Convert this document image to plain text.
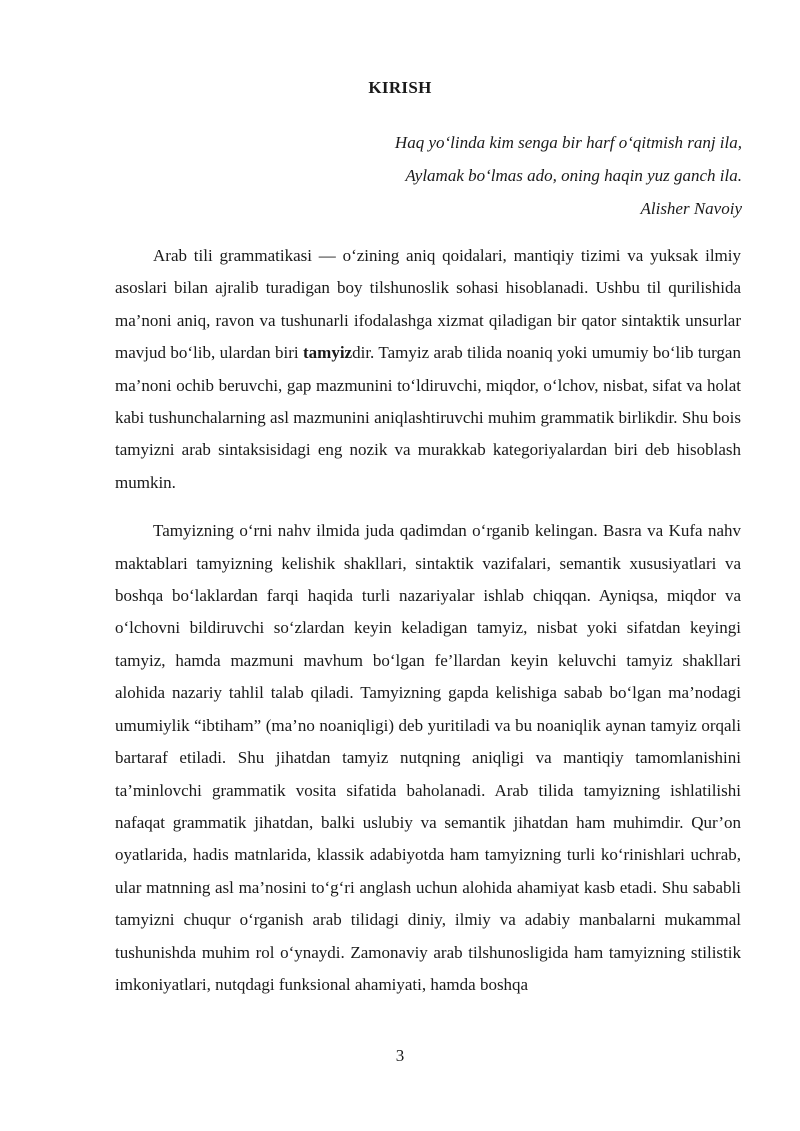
KIRISH
Haq yo‘linda kim senga bir harf o‘qitmish ranj ila,
Aylamak bo‘lmas ado, oning haqin yuz ganch ila.
Alisher Navoiy

Arab tili grammatikasi — o‘zining aniq qoidalari, mantiqiy tizimi va yuksak ilmiy asoslari bilan ajralib turadigan boy tilshunoslik sohasi hisoblanadi. Ushbu til qurilishida ma’noni aniq, ravon va tushunarli ifodalashga xizmat qiladigan bir qator sintaktik unsurlar mavjud bo‘lib, ulardan biri tamyizdir. Tamyiz arab tilida noaniq yoki umumiy bo‘lib turgan ma’noni ochib beruvchi, gap mazmunini to‘ldiruvchi, miqdor, o‘lchov, nisbat, sifat va holat kabi tushunchalarning asl mazmunini aniqlashtiruvchi muhim grammatik birlikdir. Shu bois tamyizni arab sintaksisidagi eng nozik va murakkab kategoriyalardan biri deb hisoblash mumkin.

Tamyizning o‘rni nahv ilmida juda qadimdan o‘rganib kelingan. Basra va Kufa nahv maktablari tamyizning kelishik shakllari, sintaktik vazifalari, semantik xususiyatlari va boshqa bo‘laklardan farqi haqida turli nazariyalar ishlab chiqqan. Ayniqsa, miqdor va o‘lchovni bildiruvchi so‘zlardan keyin keladigan tamyiz, nisbat yoki sifatdan keyingi tamyiz, hamda mazmuni mavhum bo‘lgan fe’llardan keyin keluvchi tamyiz shakllari alohida nazariy tahlil talab qiladi. Tamyizning gapda kelishiga sabab bo‘lgan ma’nodagi umumiylik “ibtiham” (ma’no noaniqligi) deb yuritiladi va bu noaniqlik aynan tamyiz orqali bartaraf etiladi. Shu jihatdan tamyiz nutqning aniqligi va mantiqiy tamomlanishini ta’minlovchi grammatik vosita sifatida baholanadi. Arab tilida tamyizning ishlatilishi nafaqat grammatik jihatdan, balki uslubiy va semantik jihatdan ham muhimdir. Qur’on oyatlarida, hadis matnlarida, klassik adabiyotda ham tamyizning turli ko‘rinishlari uchrab, ular matnning asl ma’nosini to‘g‘ri anglash uchun alohida ahamiyat kasb etadi. Shu sababli tamyizni chuqur o‘rganish arab tilidagi diniy, ilmiy va adabiy manbalarni mukammal tushunishda muhim rol o‘ynaydi. Zamonaviy arab tilshunosligida ham tamyizning stilistik imkoniyatlari, nutqdagi funksional ahamiyati, hamda boshqa

3
